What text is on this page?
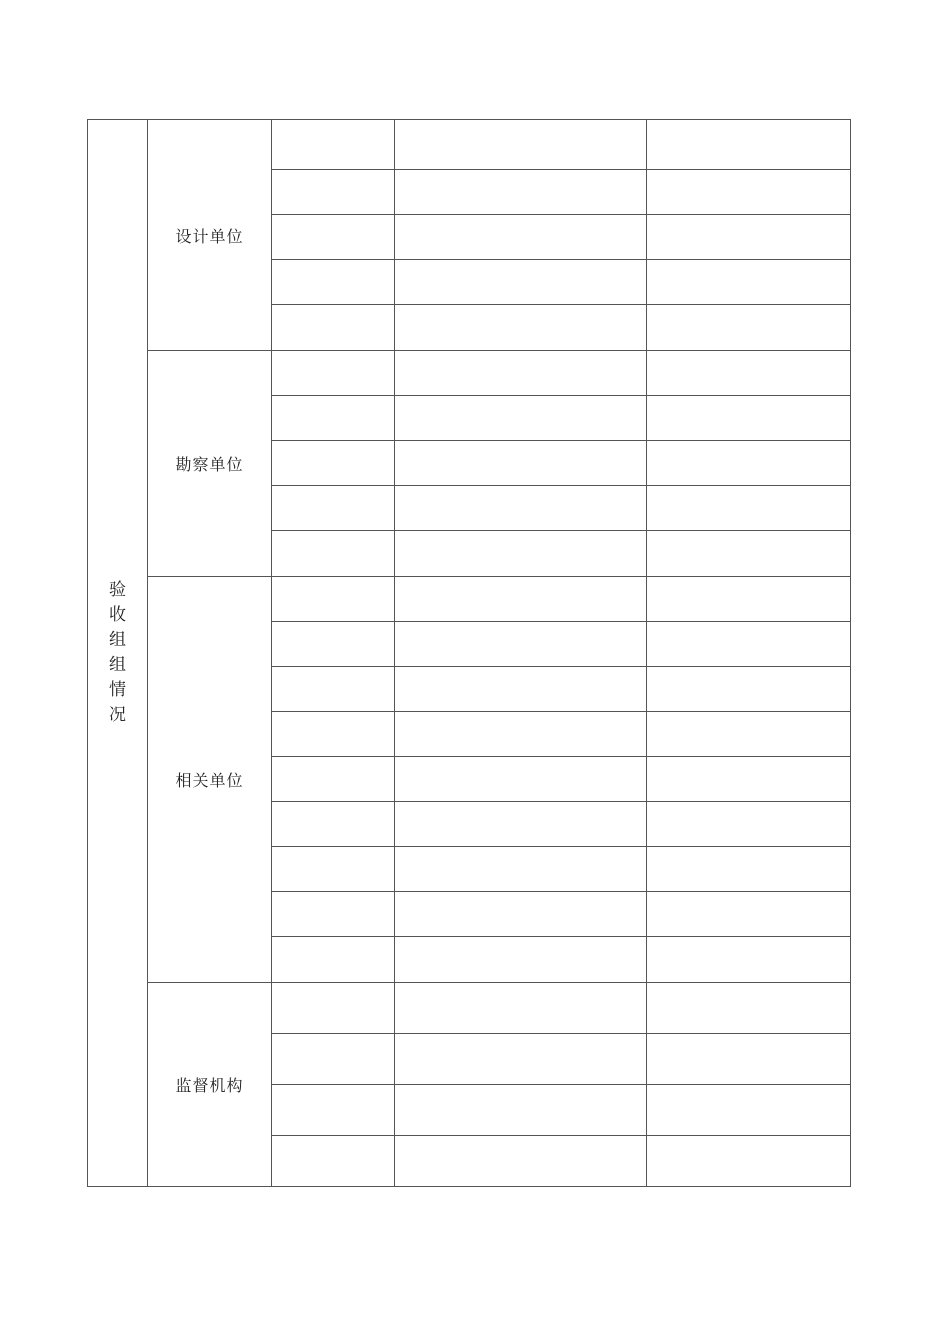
验收组组情况	设计单位			

	勘察单位			

	相关单位			

	监督机构			
